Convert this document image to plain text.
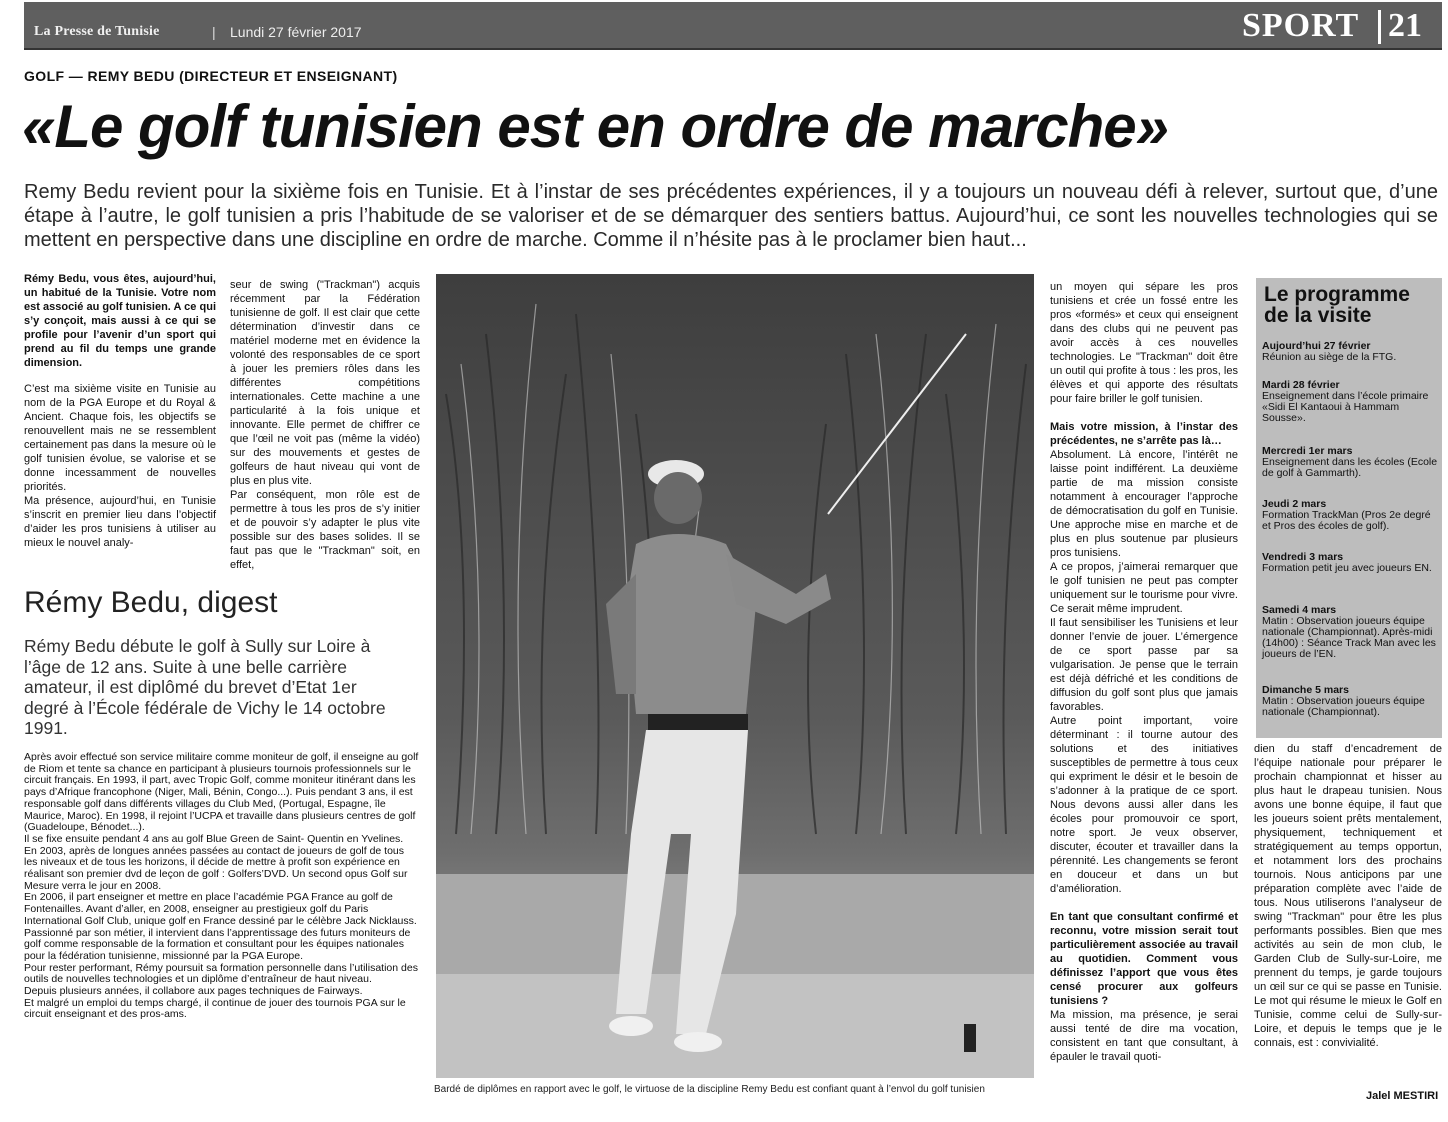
La Presse de Tunisie	| Lundi 27 février 2017	SPORT 21
GOLF — REMY BEDU (DIRECTEUR ET ENSEIGNANT)
«Le golf tunisien est en ordre de marche»
Remy Bedu revient pour la sixième fois en Tunisie. Et à l’instar de ses précédentes expériences, il y a toujours un nouveau défi à relever, surtout que, d’une étape à l’autre, le golf tunisien a pris l’habitude de se valoriser et de se démarquer des sentiers battus. Aujourd’hui, ce sont les nouvelles technologies qui se mettent en perspective dans une discipline en ordre de marche. Comme il n’hésite pas à le proclamer bien haut...

Rémy Bedu, vous êtes, aujourd’hui, un habitué de la Tunisie. Votre nom est associé au golf tunisien. A ce qui s’y conçoit, mais aussi à ce qui se profile pour l’avenir d’un sport qui prend au fil du temps une grande dimension.

C’est ma sixième visite en Tunisie au nom de la PGA Europe et du Royal & Ancient. Chaque fois, les objectifs se renouvellent mais ne se ressemblent certainement pas dans la mesure où le golf tunisien évolue, se valorise et se donne incessamment de nouvelles priorités.

Ma présence, aujourd’hui, en Tunisie s’inscrit en premier lieu dans l’objectif d’aider les pros tunisiens à utiliser au mieux le nouvel analy-

seur de swing ("Trackman") acquis récemment par la Fédération tunisienne de golf. Il est clair que cette détermination d’investir dans ce matériel moderne met en évidence la volonté des responsables de ce sport à jouer les premiers rôles dans les différentes compétitions internationales. Cette machine a une particularité à la fois unique et innovante. Elle permet de chiffrer ce que l’œil ne voit pas (même la vidéo) sur des mouvements et gestes de golfeurs de haut niveau qui vont de plus en plus vite.

Par conséquent, mon rôle est de permettre à tous les pros de s’y initier et de pouvoir s’y adapter le plus vite possible sur des bases solides. Il se faut pas que le "Trackman" soit, en effet,

Rémy Bedu, digest
Rémy Bedu débute le golf à Sully sur Loire à l’âge de 12 ans. Suite à une belle carrière amateur, il est diplômé du brevet d’Etat 1er degré à l’École fédérale de Vichy le 14 octobre 1991.

Après avoir effectué son service militaire comme moniteur de golf, il enseigne au golf de Riom et tente sa chance en participant à plusieurs tournois professionnels sur le circuit français. En 1993, il part, avec Tropic Golf, comme moniteur itinérant dans les pays d’Afrique francophone (Niger, Mali, Bénin, Congo...). Puis pendant 3 ans, il est responsable golf dans différents villages du Club Med, (Portugal, Espagne, île Maurice, Maroc). En 1998, il rejoint l’UCPA et travaille dans plusieurs centres de golf (Guadeloupe, Bénodet...).

Il se fixe ensuite pendant 4 ans au golf Blue Green de Saint- Quentin en Yvelines.

En 2003, après de longues années passées au contact de joueurs de golf de tous les niveaux et de tous les horizons, il décide de mettre à profit son expérience en réalisant son premier dvd de leçon de golf : Golfers’DVD. Un second opus Golf sur Mesure verra le jour en 2008.

En 2006, il part enseigner et mettre en place l’académie PGA France au golf de Fontenailles. Avant d’aller, en 2008, enseigner au prestigieux golf du Paris International Golf Club, unique golf en France dessiné par le célèbre Jack Nicklauss.

Passionné par son métier, il intervient dans l’apprentissage des futurs moniteurs de golf comme responsable de la formation et consultant pour les équipes nationales pour la fédération tunisienne, missionné par la PGA Europe.

Pour rester performant, Rémy poursuit sa formation personnelle dans l’utilisation des outils de nouvelles technologies et un diplôme d’entraîneur de haut niveau.

Depuis plusieurs années, il collabore aux pages techniques de Fairways.

Et malgré un emploi du temps chargé, il continue de jouer des tournois PGA sur le circuit enseignant et des pros-ams.

Bardé de diplômes en rapport avec le golf, le virtuose de la discipline Remy Bedu est confiant quant à l’envol du golf tunisien

un moyen qui sépare les pros tunisiens et crée un fossé entre les pros «formés» et ceux qui enseignent dans des clubs qui ne peuvent pas avoir accès à ces nouvelles technologies. Le "Trackman" doit être un outil qui profite à tous : les pros, les élèves et qui apporte des résultats pour faire briller le golf tunisien.

Mais votre mission, à l’instar des précédentes, ne s’arrête pas là…

Absolument. Là encore, l’intérêt ne laisse point indifférent. La deuxième partie de ma mission consiste notamment à encourager l’approche de démocratisation du golf en Tunisie. Une approche mise en marche et de plus en plus soutenue par plusieurs pros tunisiens.

A ce propos, j’aimerai remarquer que le golf tunisien ne peut pas compter uniquement sur le tourisme pour vivre. Ce serait même imprudent.

Il faut sensibiliser les Tunisiens et leur donner l’envie de jouer. L’émergence de ce sport passe par sa vulgarisation. Je pense que le terrain est déjà défriché et les conditions de diffusion du golf sont plus que jamais favorables.

Autre point important, voire déterminant : il tourne autour des solutions et des initiatives susceptibles de permettre à tous ceux qui expriment le désir et le besoin de s’adonner à la pratique de ce sport. Nous devons aussi aller dans les écoles pour promouvoir ce sport, notre sport. Je veux observer, discuter, écouter et travailler dans la pérennité. Les changements se feront en douceur et dans un but d’amélioration.

En tant que consultant confirmé et reconnu, votre mission serait tout particulièrement associée au travail au quotidien. Comment vous définissez l’apport que vous êtes censé procurer aux golfeurs tunisiens ?

Ma mission, ma présence, je serai aussi tenté de dire ma vocation, consistent en tant que consultant, à épauler le travail quoti-

Le programme
de la visite
Aujourd’hui 27 février
Réunion au siège de la FTG.
Mardi 28 février
Enseignement dans l’école primaire «Sidi El Kantaoui à Hammam Sousse».
Mercredi 1er mars
Enseignement dans les écoles (Ecole de golf à Gammarth).
Jeudi 2 mars
Formation TrackMan (Pros 2e degré et Pros des écoles de golf).
Vendredi 3 mars
Formation petit jeu avec joueurs EN.
Samedi 4 mars
Matin : Observation joueurs équipe nationale (Championnat). Après-midi (14h00) : Séance Track Man avec les joueurs de l’EN.
Dimanche 5 mars
Matin : Observation joueurs équipe nationale (Championnat).

dien du staff d’encadrement de l’équipe nationale pour préparer le prochain championnat et hisser au plus haut le drapeau tunisien. Nous avons une bonne équipe, il faut que les joueurs soient prêts mentalement, physiquement, techniquement et stratégiquement au temps opportun, et notamment lors des prochains tournois. Nous anticipons par une préparation complète avec l’aide de tous. Nous utiliserons l’analyseur de swing "Trackman" pour être les plus performants possibles. Bien que mes activités au sein de mon club, le Garden Club de Sully-sur-Loire, me prennent du temps, je garde toujours un œil sur ce qui se passe en Tunisie. Le mot qui résume le mieux le Golf en Tunisie, comme celui de Sully-sur-Loire, et depuis le temps que je le connais, est : convivialité.

Jalel MESTIRI
